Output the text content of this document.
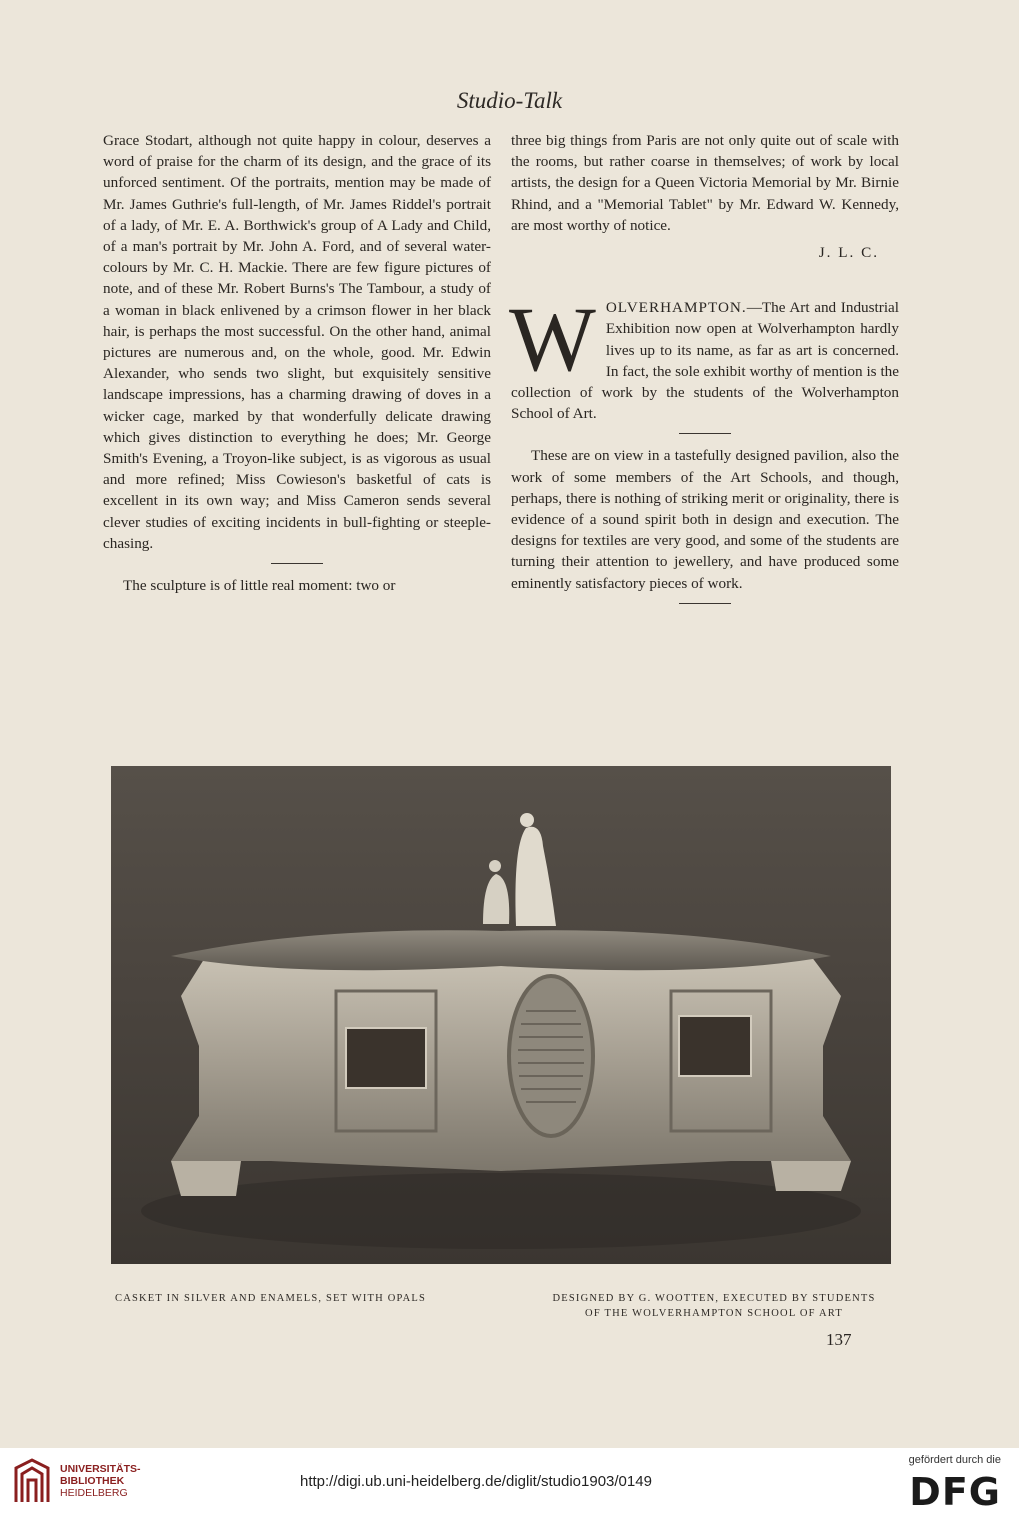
Studio-Talk

Grace Stodart, although not quite happy in colour, deserves a word of praise for the charm of its design, and the grace of its unforced sentiment. Of the portraits, mention may be made of Mr. James Guthrie's full-length, of Mr. James Riddel's portrait of a lady, of Mr. E. A. Borthwick's group of A Lady and Child, of a man's portrait by Mr. John A. Ford, and of several water-colours by Mr. C. H. Mackie. There are few figure pictures of note, and of these Mr. Robert Burns's The Tambour, a study of a woman in black enlivened by a crimson flower in her black hair, is perhaps the most successful. On the other hand, animal pictures are numerous and, on the whole, good. Mr. Edwin Alexander, who sends two slight, but exquisitely sensitive landscape impressions, has a charming drawing of doves in a wicker cage, marked by that wonderfully delicate drawing which gives distinction to everything he does; Mr. George Smith's Evening, a Troyon-like subject, is as vigorous as usual and more refined; Miss Cowieson's basketful of cats is excellent in its own way; and Miss Cameron sends several clever studies of exciting incidents in bull-fighting or steeple-chasing.

The sculpture is of little real moment: two or

three big things from Paris are not only quite out of scale with the rooms, but rather coarse in themselves; of work by local artists, the design for a Queen Victoria Memorial by Mr. Birnie Rhind, and a "Memorial Tablet" by Mr. Edward W. Kennedy, are most worthy of notice.

J. L. C.
W OLVERHAMPTON.—The Art and Industrial Exhibition now open at Wolverhampton hardly lives up to its name, as far as art is concerned. In fact, the sole exhibit worthy of mention is the collection of work by the students of the Wolverhampton School of Art.

These are on view in a tastefully designed pavilion, also the work of some members of the Art Schools, and though, perhaps, there is nothing of striking merit or originality, there is evidence of a sound spirit both in design and execution. The designs for textiles are very good, and some of the students are turning their attention to jewellery, and have produced some eminently satisfactory pieces of work.

CASKET IN SILVER AND ENAMELS, SET WITH OPALS	DESIGNED BY G. WOOTTEN, EXECUTED BY STUDENTS
OF THE WOLVERHAMPTON SCHOOL OF ART
137
UNIVERSITÄTS-
BIBLIOTHEK
HEIDELBERG
http://digi.ub.uni-heidelberg.de/diglit/studio1903/0149
gefördert durch die
DFG
